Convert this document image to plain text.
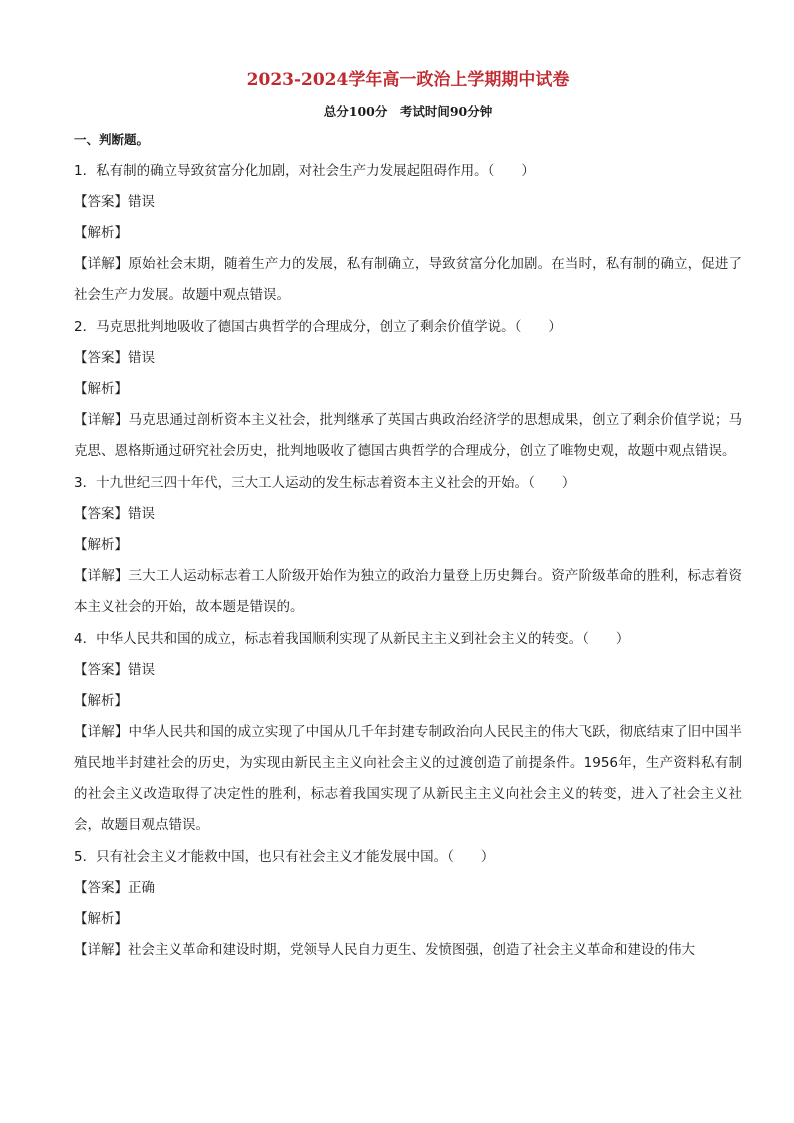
2023-2024学年高一政治上学期期中试卷
总分100分　考试时间90分钟
一、判断题。
1．私有制的确立导致贫富分化加剧，对社会生产力发展起阻碍作用。（　　）
【答案】错误
【解析】
【详解】原始社会末期，随着生产力的发展，私有制确立，导致贫富分化加剧。在当时，私有制的确立，促进了社会生产力发展。故题中观点错误。
2．马克思批判地吸收了德国古典哲学的合理成分，创立了剩余价值学说。（　　）
【答案】错误
【解析】
【详解】马克思通过剖析资本主义社会，批判继承了英国古典政治经济学的思想成果，创立了剩余价值学说；马克思、恩格斯通过研究社会历史，批判地吸收了德国古典哲学的合理成分，创立了唯物史观，故题中观点错误。
3．十九世纪三四十年代，三大工人运动的发生标志着资本主义社会的开始。（　　）
【答案】错误
【解析】
【详解】三大工人运动标志着工人阶级开始作为独立的政治力量登上历史舞台。资产阶级革命的胜利，标志着资本主义社会的开始，故本题是错误的。
4．中华人民共和国的成立，标志着我国顺利实现了从新民主主义到社会主义的转变。（　　）
【答案】错误
【解析】
【详解】中华人民共和国的成立实现了中国从几千年封建专制政治向人民民主的伟大飞跃，彻底结束了旧中国半殖民地半封建社会的历史，为实现由新民主主义向社会主义的过渡创造了前提条件。1956年，生产资料私有制的社会主义改造取得了决定性的胜利，标志着我国实现了从新民主主义向社会主义的转变，进入了社会主义社会，故题目观点错误。
5．只有社会主义才能救中国，也只有社会主义才能发展中国。（　　）
【答案】正确
【解析】
【详解】社会主义革命和建设时期，党领导人民自力更生、发愤图强，创造了社会主义革命和建设的伟大
